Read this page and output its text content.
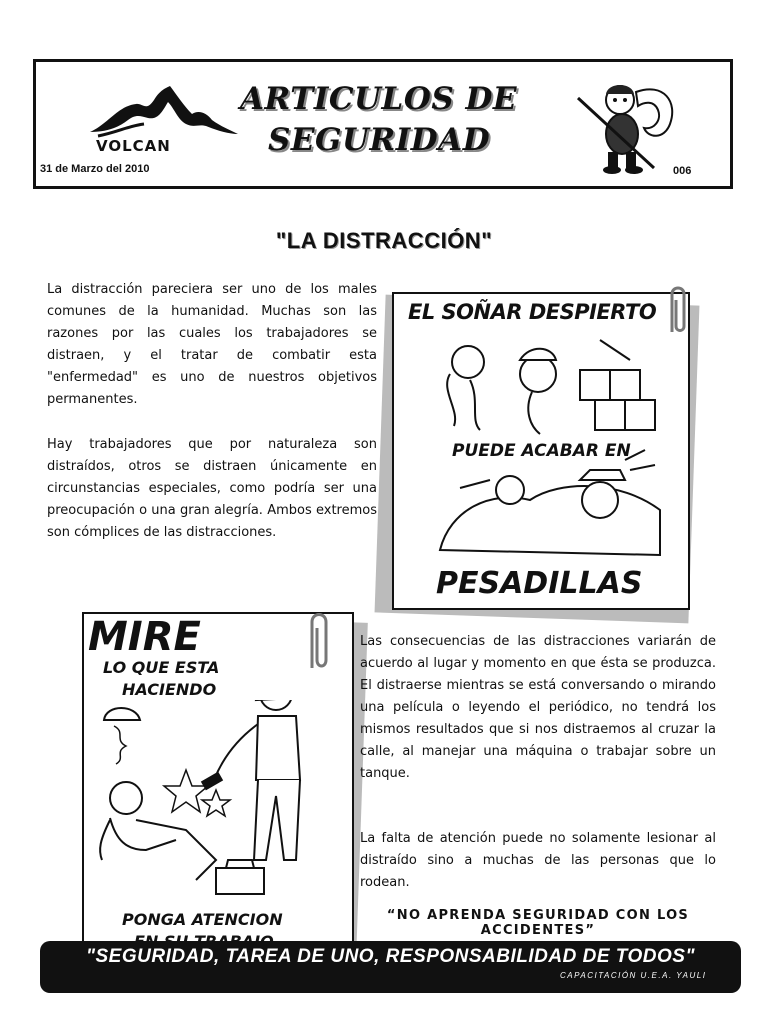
VOLCAN
ARTICULOS DE
SEGURIDAD
31 de Marzo del 2010	006
"LA DISTRACCIÓN"
La distracción pareciera ser uno de los males comunes de la humanidad. Muchas son las razones por las cuales los trabajadores se distraen, y el tratar de combatir esta "enfermedad" es uno de nuestros objetivos permanentes.
Hay trabajadores que por naturaleza son distraídos, otros se distraen únicamente en circunstancias especiales, como podría ser una preocupación o una gran alegría. Ambos extremos son cómplices de las distracciones.
EL SOÑAR DESPIERTO
PUEDE ACABAR EN
PESADILLAS
MIRE
LO QUE ESTA
HACIENDO
PONGA ATENCION
Las consecuencias de las distracciones variarán de acuerdo al lugar y momento en que ésta se produzca. El distraerse mientras se está conversando o mirando una película o leyendo el periódico, no tendrá los mismos resultados que si nos distraemos al cruzar la calle, al manejar una máquina o trabajar sobre un tanque.
La falta de atención puede no solamente lesionar al distraído sino a muchas de las personas que lo rodean.
“NO APRENDA SEGURIDAD CON LOS ACCIDENTES”
"SEGURIDAD, TAREA DE UNO, RESPONSABILIDAD DE TODOS"
CAPACITACIÓN U.E.A. YAULI
